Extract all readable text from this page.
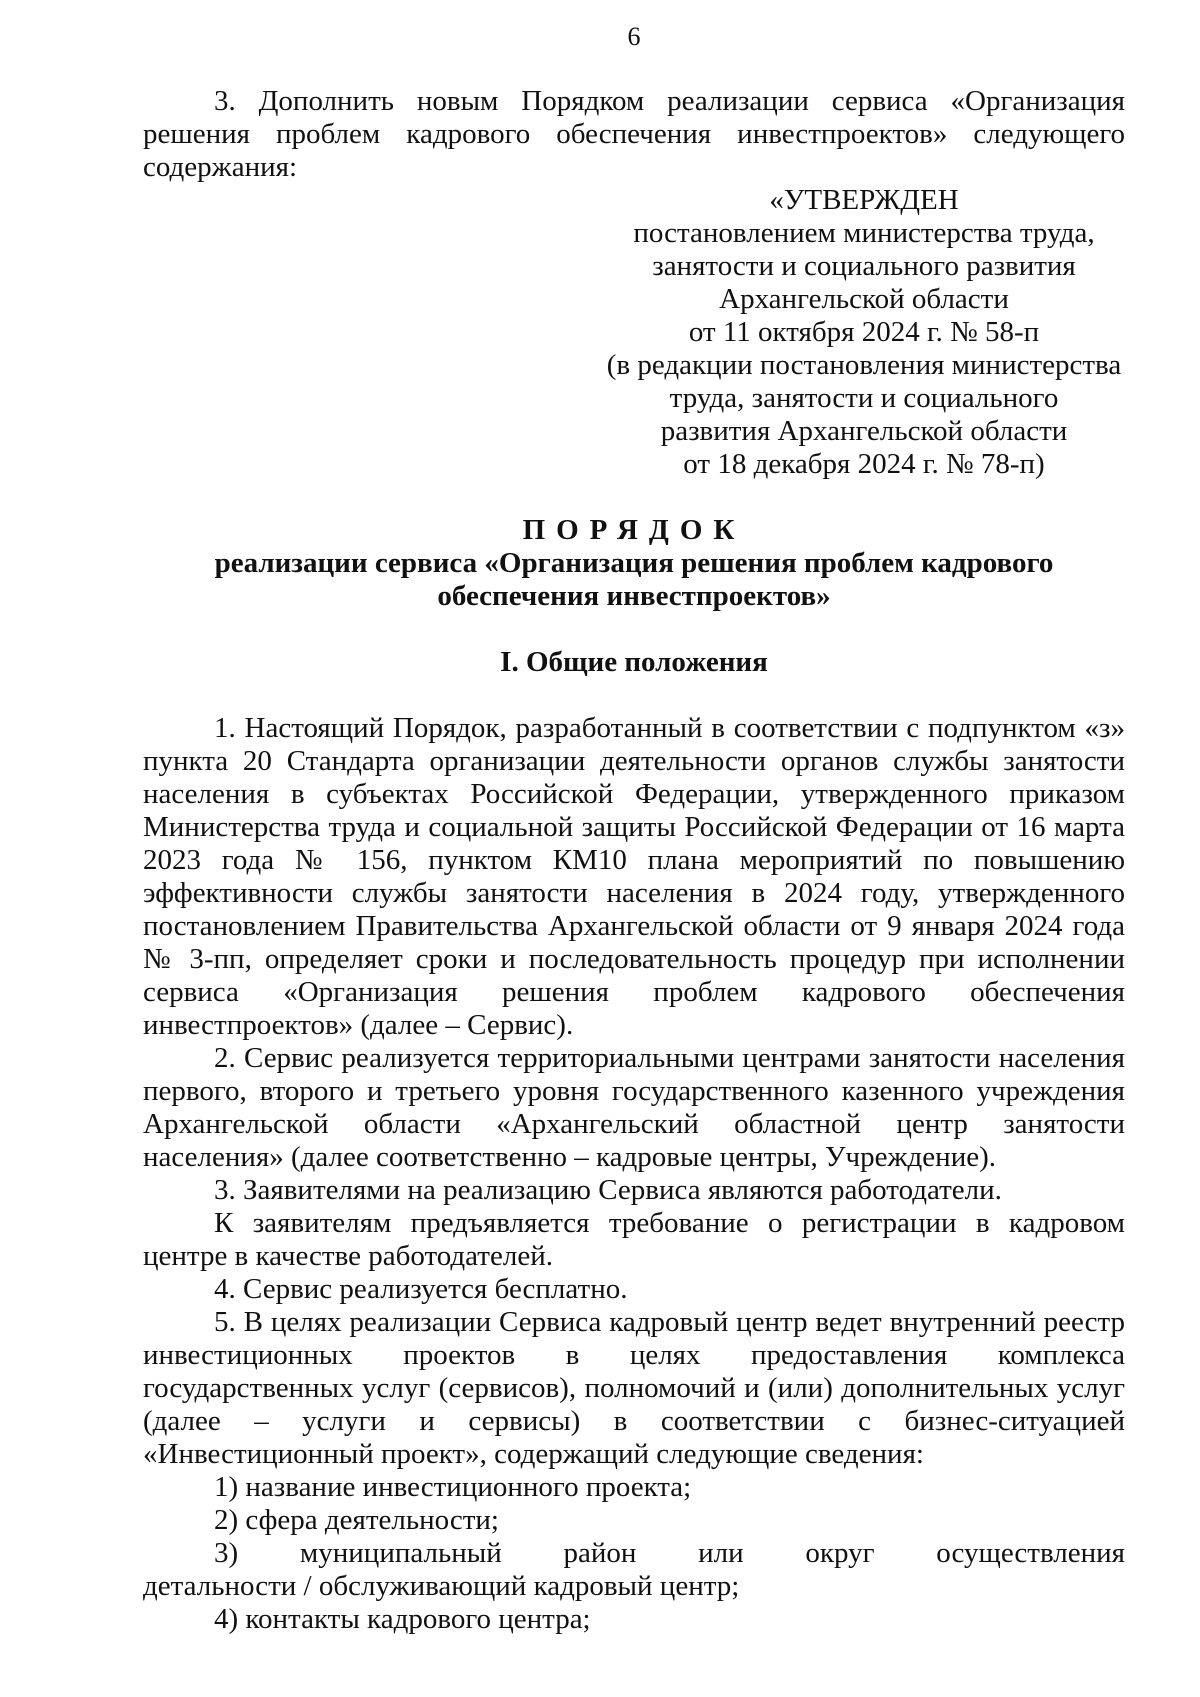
6

3. Дополнить новым Порядком реализации сервиса «Организация решения проблем кадрового обеспечения инвестпроектов» следующего содержания:

«УТВЕРЖДЕН
постановлением министерства труда,
занятости и социального развития
Архангельской области
от 11 октября 2024 г. № 58-п
(в редакции постановления министерства
труда, занятости и социального
развития Архангельской области
от 18 декабря 2024 г. № 78-п)
ПОРЯДОК
реализации сервиса «Организация решения проблем кадрового
обеспечения инвестпроектов»
I. Общие положения

1. Настоящий Порядок, разработанный в соответствии с подпунктом «з» пункта 20 Стандарта организации деятельности органов службы занятости населения в субъектах Российской Федерации, утвержденного приказом Министерства труда и социальной защиты Российской Федерации от 16 марта 2023 года № 156, пунктом КМ10 плана мероприятий по повышению эффективности службы занятости населения в 2024 году, утвержденного постановлением Правительства Архангельской области от 9 января 2024 года № 3-пп, определяет сроки и последовательность процедур при исполнении сервиса «Организация решения проблем кадрового обеспечения инвестпроектов» (далее – Сервис).

2. Сервис реализуется территориальными центрами занятости населения первого, второго и третьего уровня государственного казенного учреждения Архангельской области «Архангельский областной центр занятости населения» (далее соответственно – кадровые центры, Учреждение).

3. Заявителями на реализацию Сервиса являются работодатели.

К заявителям предъявляется требование о регистрации в кадровом центре в качестве работодателей.

4. Сервис реализуется бесплатно.

5. В целях реализации Сервиса кадровый центр ведет внутренний реестр инвестиционных проектов в целях предоставления комплекса государственных услуг (сервисов), полномочий и (или) дополнительных услуг (далее – услуги и сервисы) в соответствии с бизнес-ситуацией «Инвестиционный проект», содержащий следующие сведения:

1) название инвестиционного проекта;

2) сфера деятельности;

3) муниципальный район или округ осуществления

детальности / обслуживающий кадровый центр;

4) контакты кадрового центра;
